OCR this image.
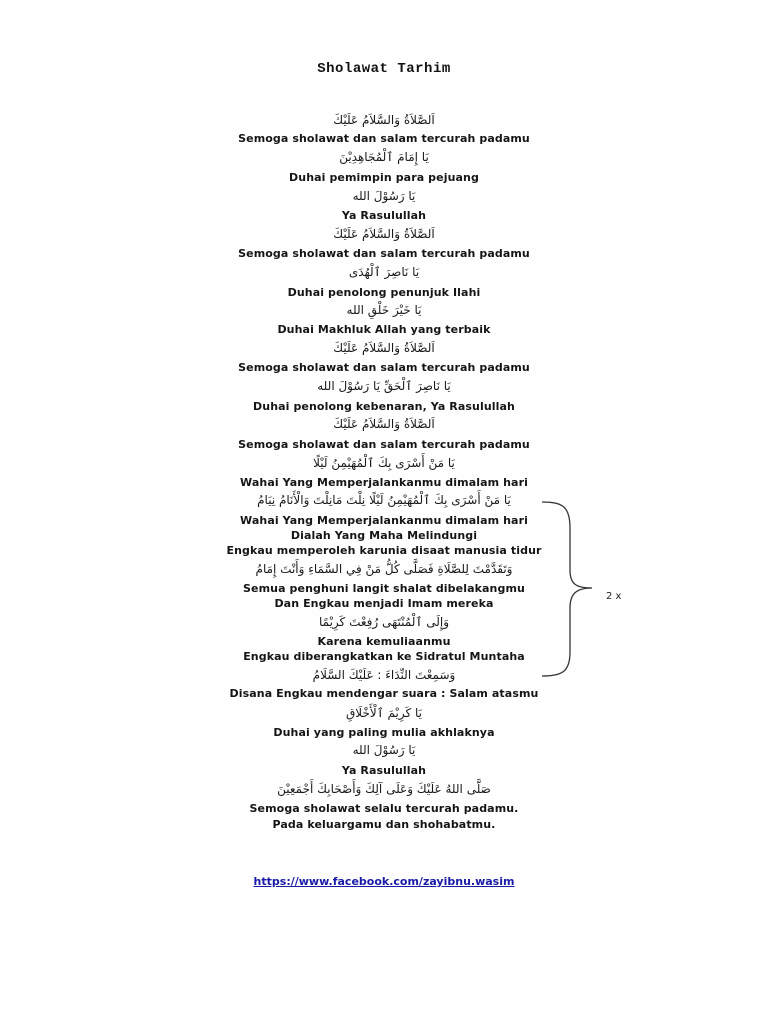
Sholawat Tarhim
اَلصَّلاَةُ وَالسَّلاَمُ عَلَيْكَ
Semoga sholawat dan salam tercurah padamu
يَا إِمَامَ ٱلْمُجَاهِدِيْنَ
Duhai pemimpin para pejuang
يَا رَسُوْلَ الله
Ya Rasulullah
اَلصَّلاَةُ وَالسَّلاَمُ عَلَيْكَ
Semoga sholawat dan salam tercurah padamu
يَا نَاصِرَ ٱلْهُدَى
Duhai penolong penunjuk Ilahi
يَا خَيْرَ خَلْقِ الله
Duhai Makhluk Allah yang terbaik
اَلصَّلاَةُ وَالسَّلاَمُ عَلَيْكَ
Semoga sholawat dan salam tercurah padamu
يَا نَاصِرَ ٱلْحَقِّ يَا رَسُوْلَ الله
Duhai penolong kebenaran, Ya Rasulullah
اَلصَّلاَةُ وَالسَّلاَمُ عَلَيْكَ
Semoga sholawat dan salam tercurah padamu
يَا مَنْ أَسْرَى بِكَ ٱلْمُهَيْمِنُ لَيْلًا
Wahai Yang Memperjalankanmu dimalam hari
يَا مَنْ أَسْرَى بِكَ ٱلْمُهَيْمِنُ لَيْلًا نِلْتَ مَانِلْتَ وَالْأَنَامُ نِيَامُ
Wahai Yang Memperjalankanmu dimalam hari
Dialah Yang Maha Melindungi
Engkau memperoleh karunia disaat manusia tidur
وَتَقَدَّمْتَ لِلصَّلَاةِ فَصَلَّى كُلُّ مَنْ فِي السَّمَاءِ وَأَنْتَ إِمَامُ
Semua penghuni langit shalat dibelakangmu
Dan Engkau menjadi Imam mereka
وَإِلَى ٱلْمُنْتَهَى رُفِعْتَ كَرِيْمًا
Karena kemuliaanmu
Engkau diberangkatkan ke Sidratul Muntaha
وَسَمِعْتَ النِّدَاءَ : عَلَيْكَ السَّلَامُ
Disana Engkau mendengar suara : Salam atasmu
يَا كَرِيْمَ ٱلْأَخْلَاقِ
Duhai yang paling mulia akhlaknya
يَا رَسُوْلَ الله
Ya Rasulullah
صَلَّى اللهُ عَلَيْكَ وَعَلَى آلِكَ وَأَصْحَابِكَ أَجْمَعِيْنَ
Semoga sholawat selalu tercurah padamu.
Pada keluargamu dan shohabatmu.
2 x
https://www.facebook.com/zayibnu.wasim
